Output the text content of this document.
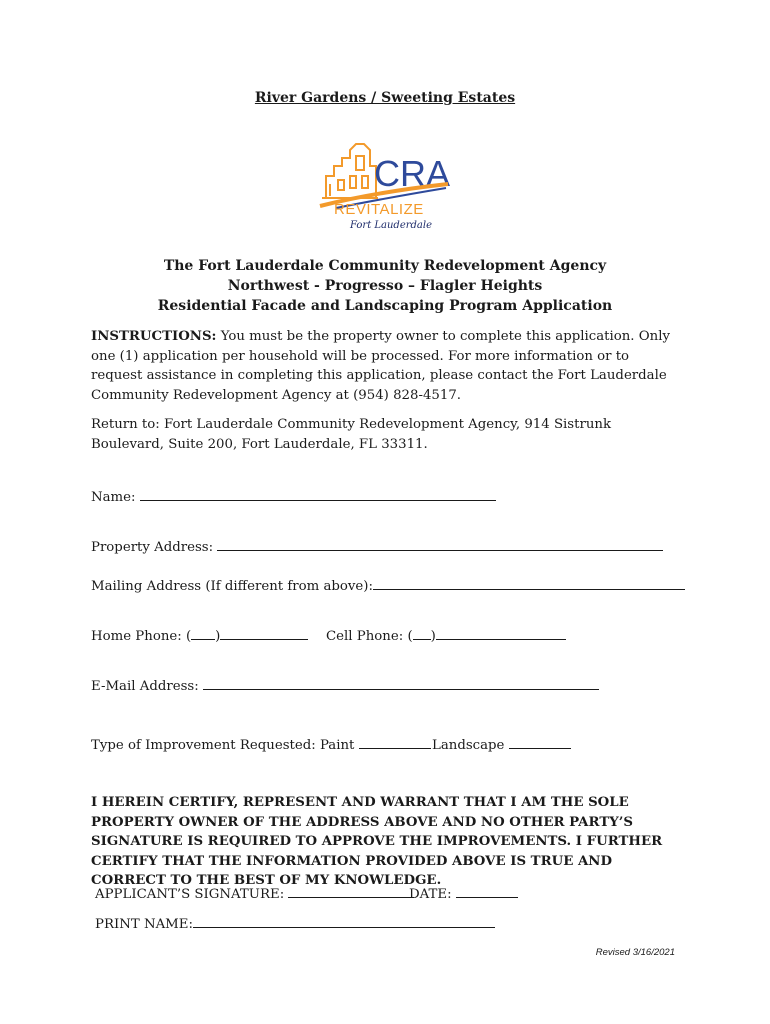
River Gardens / Sweeting Estates
CRA
REVITALIZE
Fort Lauderdale
The Fort Lauderdale Community Redevelopment Agency
Northwest - Progresso – Flagler Heights
Residential Facade and Landscaping Program Application
INSTRUCTIONS: You must be the property owner to complete this application. Only one (1) application per household will be processed. For more information or to request assistance in completing this application, please contact the Fort Lauderdale Community Redevelopment Agency at (954) 828-4517.
Return to: Fort Lauderdale Community Redevelopment Agency, 914 Sistrunk Boulevard, Suite 200, Fort Lauderdale, FL 33311.
Name:
Property Address:
Mailing Address (If different from above):
Home Phone: ( )	Cell Phone: ( )
E-Mail Address:
Type of Improvement Requested: Paint	Landscape
I HEREIN CERTIFY, REPRESENT AND WARRANT THAT I AM THE SOLE PROPERTY OWNER OF THE ADDRESS ABOVE AND NO OTHER PARTY’S SIGNATURE IS REQUIRED TO APPROVE THE IMPROVEMENTS. I FURTHER CERTIFY THAT THE INFORMATION PROVIDED ABOVE IS TRUE AND CORRECT TO THE BEST OF MY KNOWLEDGE.
APPLICANT’S SIGNATURE:	DATE:
PRINT NAME:
Revised 3/16/2021
